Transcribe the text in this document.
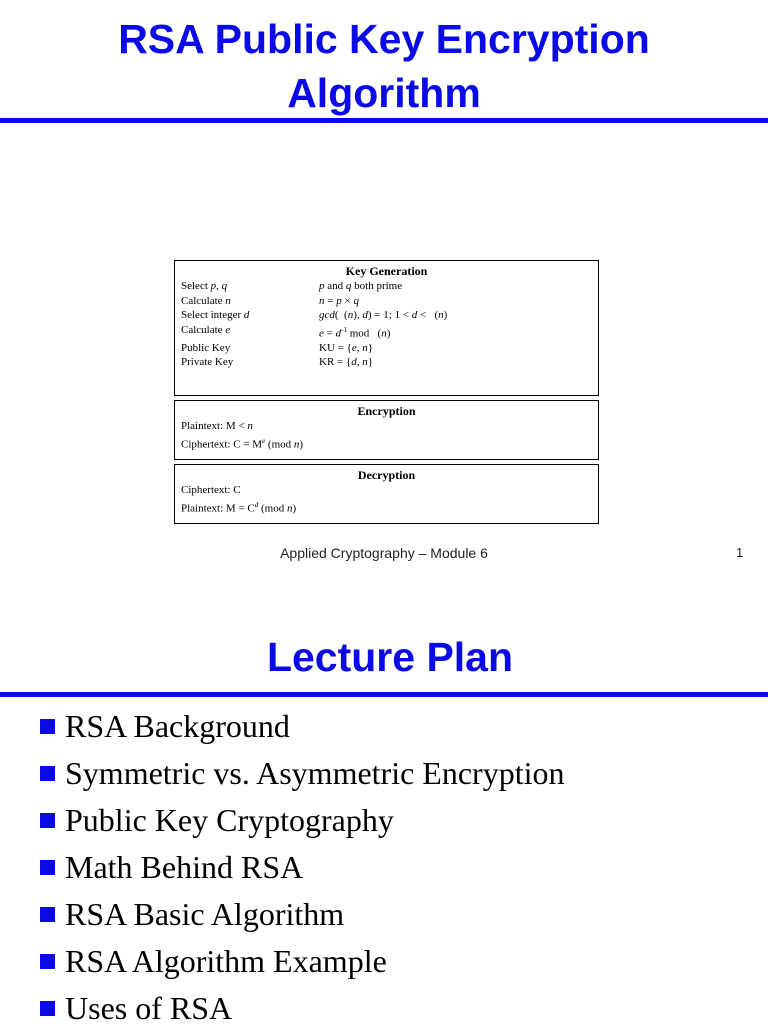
RSA Public Key Encryption
Algorithm
Key Generation
Select p, q	p and q both prime
Calculate n	n = p × q
Select integer d	gcd(  (n), d) = 1; 1 < d <   (n)
Calculate e	$e = d^{-1}$ mod   (n)
Public Key	KU = {e, n}
Private Key	KR = {d, n}
Encryption
Plaintext: M < n
Ciphertext: $C = M^e$ (mod n)
Decryption
Ciphertext: C
Plaintext: $M = C^d$ (mod n)
Applied Cryptography – Module 6	1
Lecture Plan
RSA Background
Symmetric vs. Asymmetric Encryption
Public Key Cryptography
Math Behind RSA
RSA Basic Algorithm
RSA Algorithm Example
Uses of RSA
